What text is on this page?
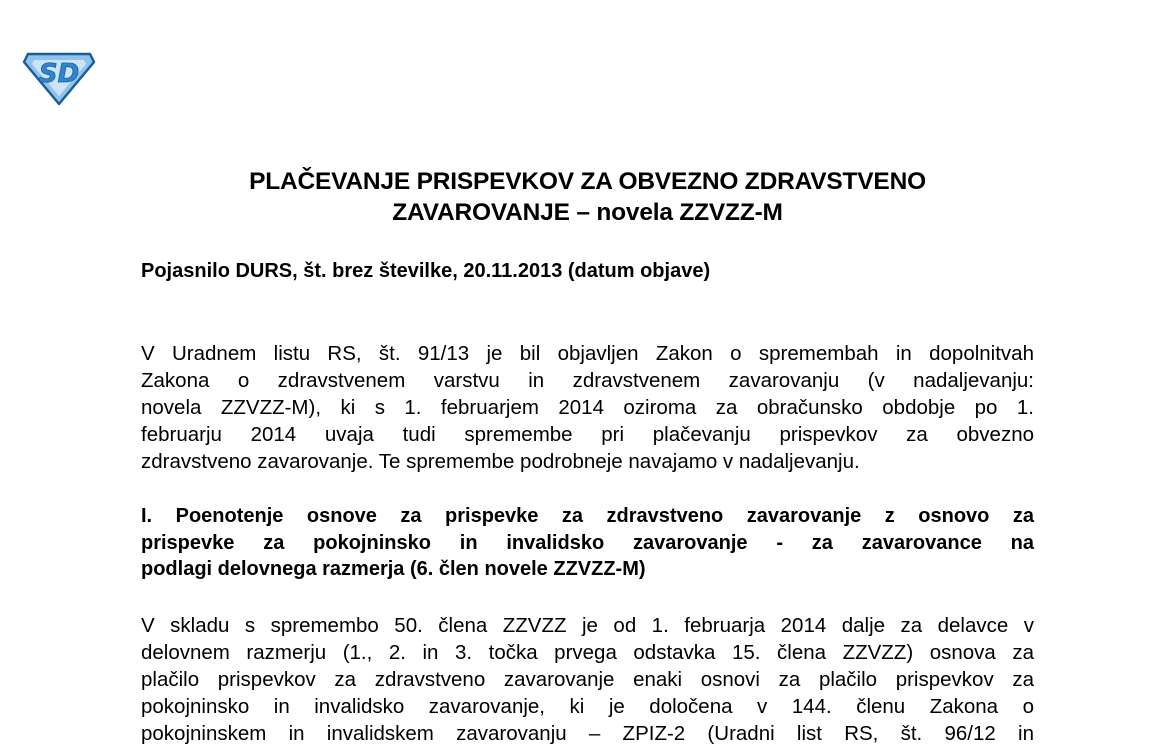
SD
PLAČEVANJE PRISPEVKOV ZA OBVEZNO ZDRAVSTVENO
ZAVAROVANJE – novela ZZVZZ-M
Pojasnilo DURS, št. brez številke, 20.11.2013 (datum objave)
V Uradnem listu RS, št. 91/13 je bil objavljen Zakon o spremembah in dopolnitvah
Zakona o zdravstvenem varstvu in zdravstvenem zavarovanju (v nadaljevanju:
novela ZZVZZ-M), ki s 1. februarjem 2014 oziroma za obračunsko obdobje po 1.
februarju 2014 uvaja tudi spremembe pri plačevanju prispevkov za obvezno
zdravstveno zavarovanje. Te spremembe podrobneje navajamo v nadaljevanju.
I. Poenotenje osnove za prispevke za zdravstveno zavarovanje z osnovo za
prispevke za pokojninsko in invalidsko zavarovanje - za zavarovance na
podlagi delovnega razmerja (6. člen novele ZZVZZ-M)
V skladu s spremembo 50. člena ZZVZZ je od 1. februarja 2014 dalje za delavce v
delovnem razmerju (1., 2. in 3. točka prvega odstavka 15. člena ZZVZZ) osnova za
plačilo prispevkov za zdravstveno zavarovanje enaki osnovi za plačilo prispevkov za
pokojninsko in invalidsko zavarovanje, ki je določena v 144. členu Zakona o
pokojninskem in invalidskem zavarovanju – ZPIZ-2 (Uradni list RS, št. 96/12 in
